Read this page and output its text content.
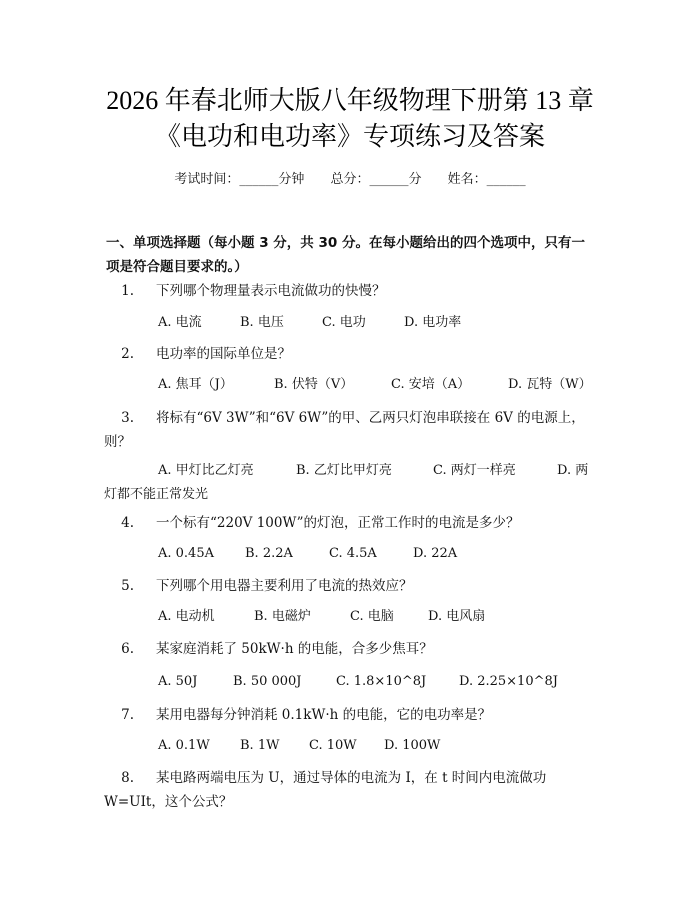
2026 年春北师大版八年级物理下册第 13 章
《电功和电功率》专项练习及答案
考试时间：______分钟 总分：______分 姓名：______
一、单项选择题（每小题 3 分，共 30 分。在每小题给出的四个选项中，只有一项是符合题目要求的。）
1. 下列哪个物理量表示电流做功的快慢？
A. 电流	B. 电压	C. 电功	D. 电功率
2. 电功率的国际单位是？
A. 焦耳（J）	B. 伏特（V）	C. 安培（A）	D. 瓦特（W）
3. 将标有“6V 3W”和“6V 6W”的甲、乙两只灯泡串联接在 6V 的电源上，则？
A. 甲灯比乙灯亮	B. 乙灯比甲灯亮	C. 两灯一样亮	D. 两灯都不能正常发光
4. 一个标有“220V 100W”的灯泡，正常工作时的电流是多少？
A. 0.45A B. 2.2A	C. 4.5A	D. 22A
5. 下列哪个用电器主要利用了电流的热效应？
A. 电动机	B. 电磁炉	C. 电脑	D. 电风扇
6. 某家庭消耗了 50kW·h 的电能，合多少焦耳？
A. 50J	B. 50 000J	C. 1.8×10^8J	D. 2.25×10^8J
7. 某用电器每分钟消耗 0.1kW·h 的电能，它的电功率是？
A. 0.1W B. 1W C. 10W D. 100W
8. 某电路两端电压为 U，通过导体的电流为 I，在 t 时间内电流做功 W=UIt，这个公式？
